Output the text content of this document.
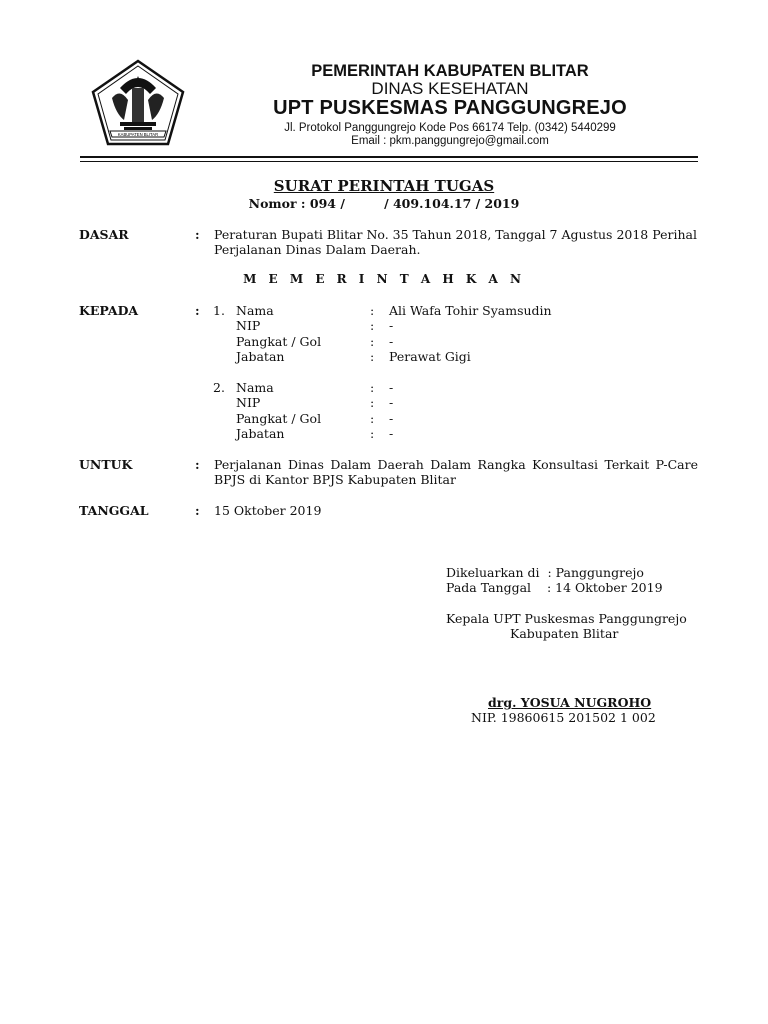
KABUPATEN BLITAR
PEMERINTAH KABUPATEN BLITAR
DINAS KESEHATAN
UPT PUSKESMAS PANGGUNGREJO
Jl. Protokol Panggungrejo Kode Pos 66174 Telp. (0342) 5440299
Email : pkm.panggungrejo@gmail.com
SURAT PERINTAH TUGAS
Nomor : 094 /         / 409.104.17 / 2019
DASAR	: Peraturan Bupati Blitar No. 35 Tahun 2018, Tanggal 7 Agustus 2018 Perihal
Perjalanan Dinas Dalam Daerah.
M E M E R I N T A H K A N
KEPADA	: 1. Nama	: Ali Wafa Tohir Syamsudin
NIP	: -
Pangkat / Gol	: -
Jabatan	: Perawat Gigi
2. Nama	: -
NIP	: -
Pangkat / Gol	: -
Jabatan	: -
UNTUK	: Perjalanan Dinas Dalam Daerah Dalam Rangka Konsultasi Terkait P-Care
BPJS di Kantor BPJS Kabupaten Blitar
TANGGAL	: 15 Oktober 2019
Dikeluarkan di  : Panggungrejo
Pada Tanggal    : 14 Oktober 2019
Kepala UPT Puskesmas Panggungrejo
Kabupaten Blitar
drg. YOSUA NUGROHO
NIP. 19860615 201502 1 002
